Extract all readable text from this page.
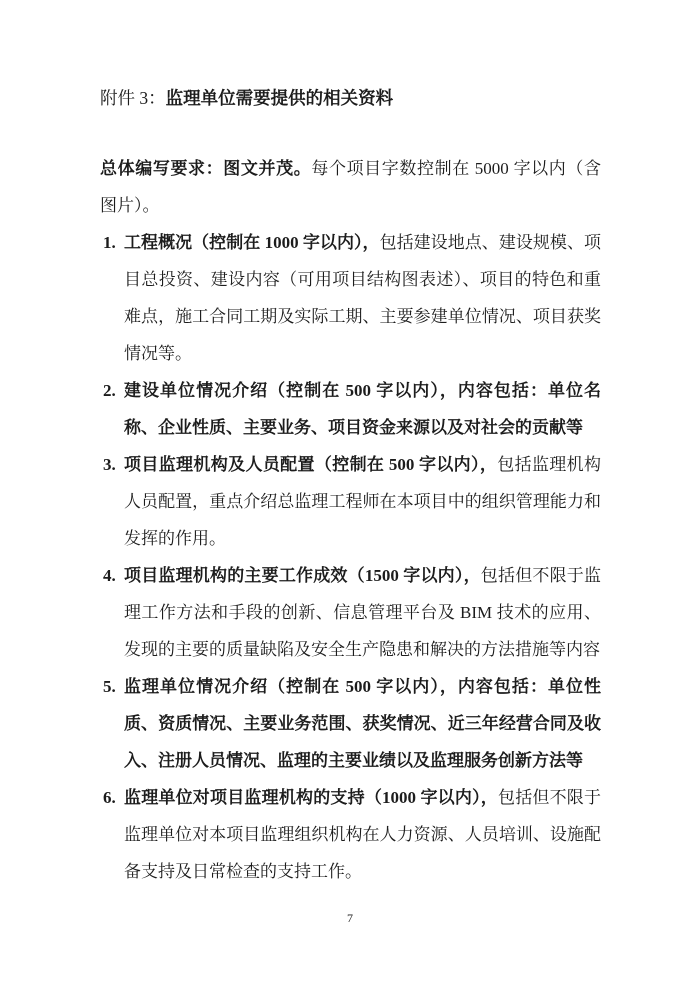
附件 3：监理单位需要提供的相关资料

总体编写要求：图文并茂。每个项目字数控制在 5000 字以内（含图片）。

1. 工程概况（控制在 1000 字以内），包括建设地点、建设规模、项目总投资、建设内容（可用项目结构图表述）、项目的特色和重难点，施工合同工期及实际工期、主要参建单位情况、项目获奖情况等。
2. 建设单位情况介绍（控制在 500 字以内），内容包括：单位名称、企业性质、主要业务、项目资金来源以及对社会的贡献等
3. 项目监理机构及人员配置（控制在 500 字以内），包括监理机构人员配置，重点介绍总监理工程师在本项目中的组织管理能力和发挥的作用。
4. 项目监理机构的主要工作成效（1500 字以内），包括但不限于监理工作方法和手段的创新、信息管理平台及 BIM 技术的应用、发现的主要的质量缺陷及安全生产隐患和解决的方法措施等内容
5. 监理单位情况介绍（控制在 500 字以内），内容包括：单位性质、资质情况、主要业务范围、获奖情况、近三年经营合同及收入、注册人员情况、监理的主要业绩以及监理服务创新方法等
6. 监理单位对项目监理机构的支持（1000 字以内），包括但不限于监理单位对本项目监理组织机构在人力资源、人员培训、设施配备支持及日常检查的支持工作。
7
